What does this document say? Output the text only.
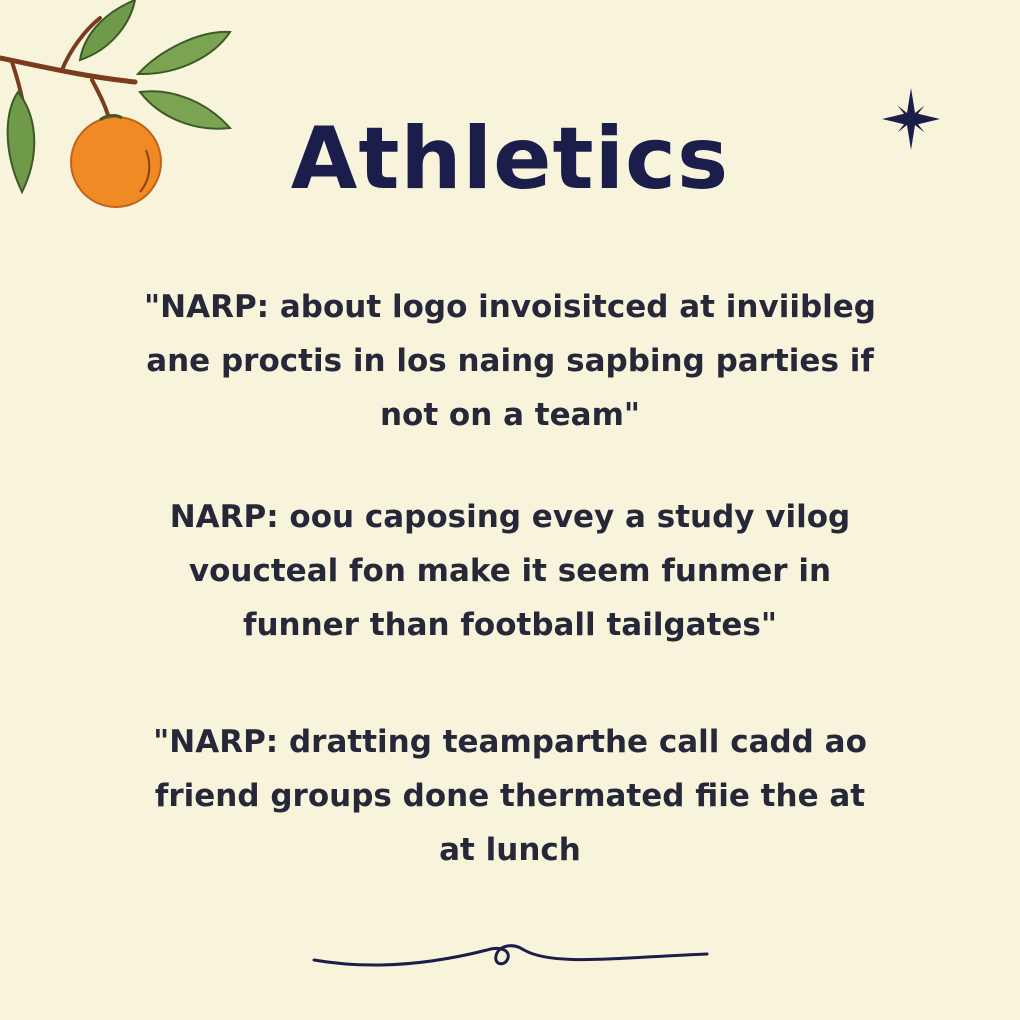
Athletics
"NARP: about logo invoisitced at inviibleg
ane proctis in los naing sapbing parties if
not on a team"
NARP: oou caposing evey a study vilog
voucteal fon make it seem funmer in
funner than football tailgates"
"NARP: dratting teamparthe call cadd ao
friend groups done thermated fiie the at
at lunch
